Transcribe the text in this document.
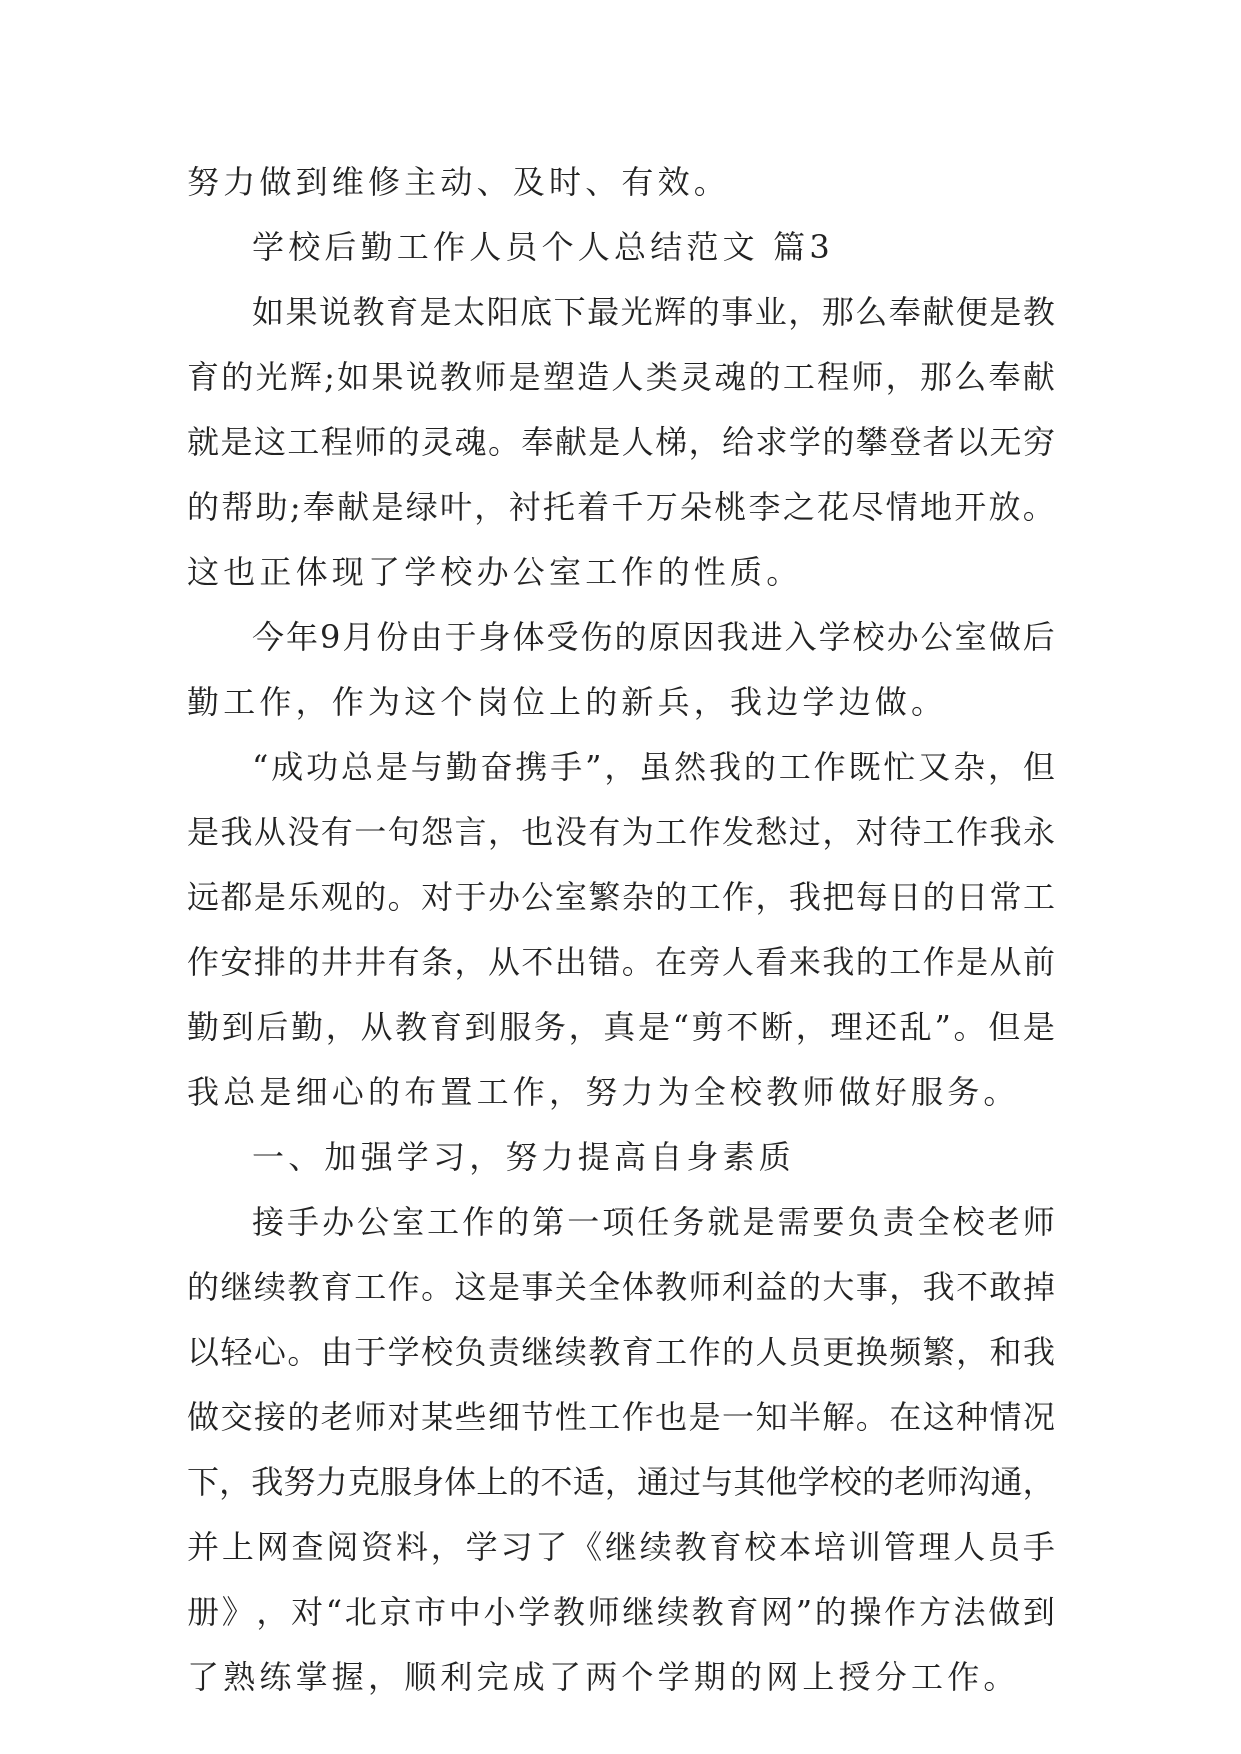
努力做到维修主动、及时、有效。
学校后勤工作人员个人总结范文 篇3
如 果 说 教 育 是 太 阳 底 下 最 光 辉 的 事 业 ， 那 么 奉 献 便 是 教
育 的 光 辉 ; 如 果 说 教 师 是 塑 造 人 类 灵 魂 的 工 程 师 ， 那 么 奉 献
就 是 这 工 程 师 的 灵 魂 。 奉 献 是 人 梯 ， 给 求 学 的 攀 登 者 以 无 穷
的 帮 助 ; 奉 献 是 绿 叶 ， 衬 托 着 千 万 朵 桃 李 之 花 尽 情 地 开 放 。
这也正体现了学校办公室工作的性质。
今 年 9 月 份 由 于 身 体 受 伤 的 原 因 我 进 入 学 校 办 公 室 做 后
勤工作，作为这个岗位上的新兵，我边学边做。
“ 成 功 总 是 与 勤 奋 携 手 ” ， 虽 然 我 的 工 作 既 忙 又 杂 ， 但
是 我 从 没 有 一 句 怨 言 ， 也 没 有 为 工 作 发 愁 过 ， 对 待 工 作 我 永
远 都 是 乐 观 的 。 对 于 办 公 室 繁 杂 的 工 作 ， 我 把 每 日 的 日 常 工
作 安 排 的 井 井 有 条 ， 从 不 出 错 。 在 旁 人 看 来 我 的 工 作 是 从 前
勤 到 后 勤 ， 从 教 育 到 服 务 ， 真 是 “ 剪 不 断 ， 理 还 乱 ” 。 但 是
我总是细心的布置工作，努力为全校教师做好服务。
一、加强学习，努力提高自身素质
接 手 办 公 室 工 作 的 第 一 项 任 务 就 是 需 要 负 责 全 校 老 师
的 继 续 教 育 工 作 。 这 是 事 关 全 体 教 师 利 益 的 大 事 ， 我 不 敢 掉
以 轻 心 。 由 于 学 校 负 责 继 续 教 育 工 作 的 人 员 更 换 频 繁 ， 和 我
做 交 接 的 老 师 对 某 些 细 节 性 工 作 也 是 一 知 半 解 。 在 这 种 情 况
下 ， 我 努 力 克 服 身 体 上 的 不 适 ， 通 过 与 其 他 学 校 的 老 师 沟 通 ，
并 上 网 查 阅 资 料 ， 学 习 了 《 继 续 教 育 校 本 培 训 管 理 人 员 手
册 》 ， 对 “ 北 京 市 中 小 学 教 师 继 续 教 育 网 ” 的 操 作 方 法 做 到
了熟练掌握，顺利完成了两个学期的网上授分工作。
